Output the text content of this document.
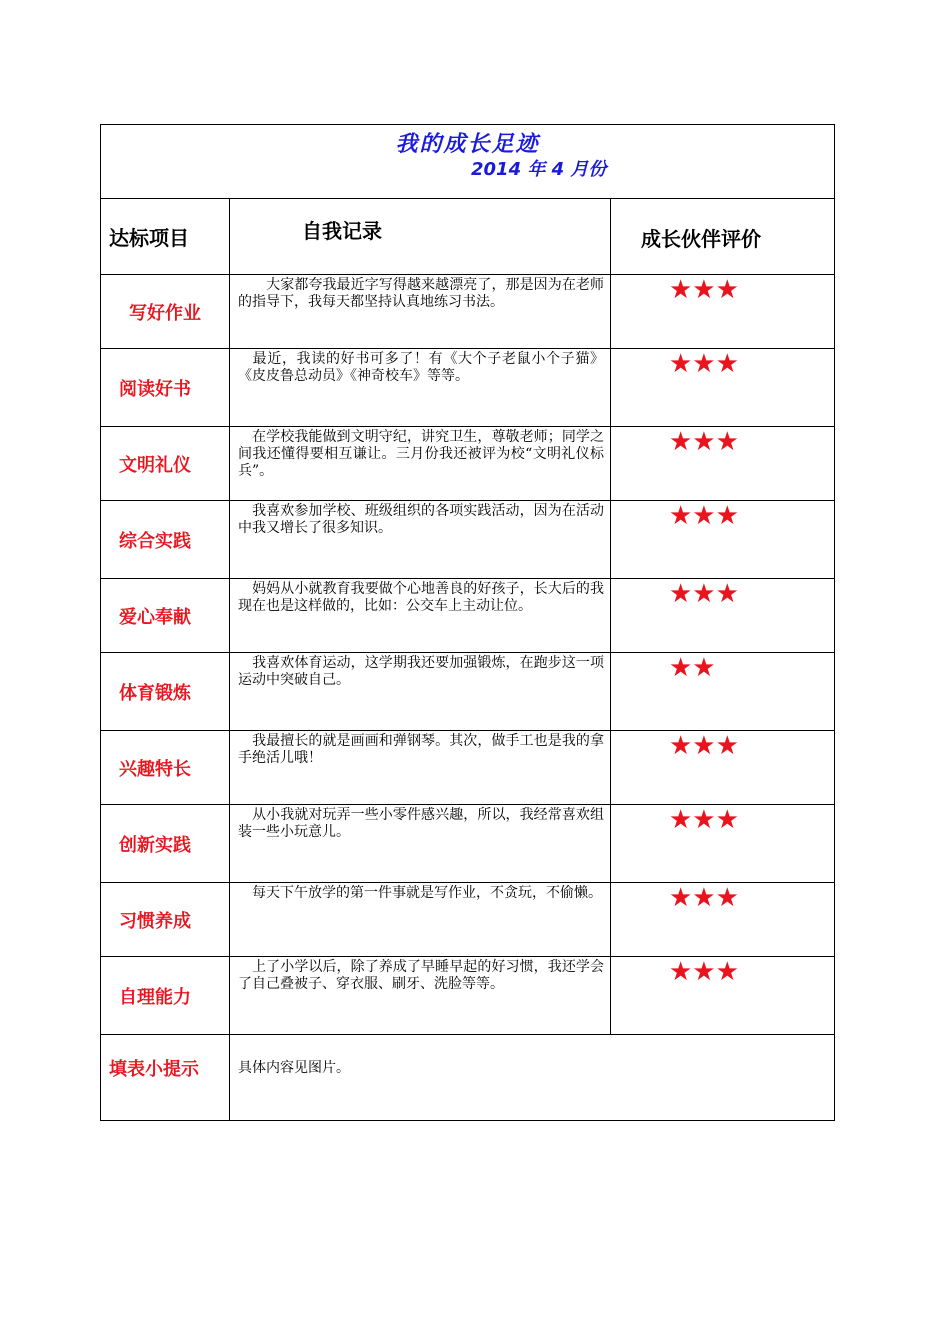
我的成长足迹
2014 年 4 月份		

达标项目	自我记录	成长伙伴评价
写好作业	　　大家都夸我最近字写得越来越漂亮了，那是因为在老师的指导下，我每天都坚持认真地练习书法。	★★★
阅读好书	　最近，我读的好书可多了！有《大个子老鼠小个子猫》《皮皮鲁总动员》《神奇校车》等等。	★★★
文明礼仪	　在学校我能做到文明守纪，讲究卫生，尊敬老师；同学之间我还懂得要相互谦让。三月份我还被评为校“文明礼仪标兵”。	★★★
综合实践	　我喜欢参加学校、班级组织的各项实践活动，因为在活动中我又增长了很多知识。	★★★
爱心奉献	　妈妈从小就教育我要做个心地善良的好孩子，长大后的我现在也是这样做的，比如：公交车上主动让位。	★★★
体育锻炼	　我喜欢体育运动，这学期我还要加强锻炼，在跑步这一项运动中突破自己。	★★
兴趣特长	　我最擅长的就是画画和弹钢琴。其次，做手工也是我的拿手绝活儿哦！	★★★
创新实践	　从小我就对玩弄一些小零件感兴趣，所以，我经常喜欢组装一些小玩意儿。	★★★
习惯养成	　每天下午放学的第一件事就是写作业，不贪玩，不偷懒。	★★★
自理能力	　上了小学以后，除了养成了早睡早起的好习惯，我还学会了自己叠被子、穿衣服、刷牙、洗脸等等。	★★★
填表小提示	具体内容见图片。	
